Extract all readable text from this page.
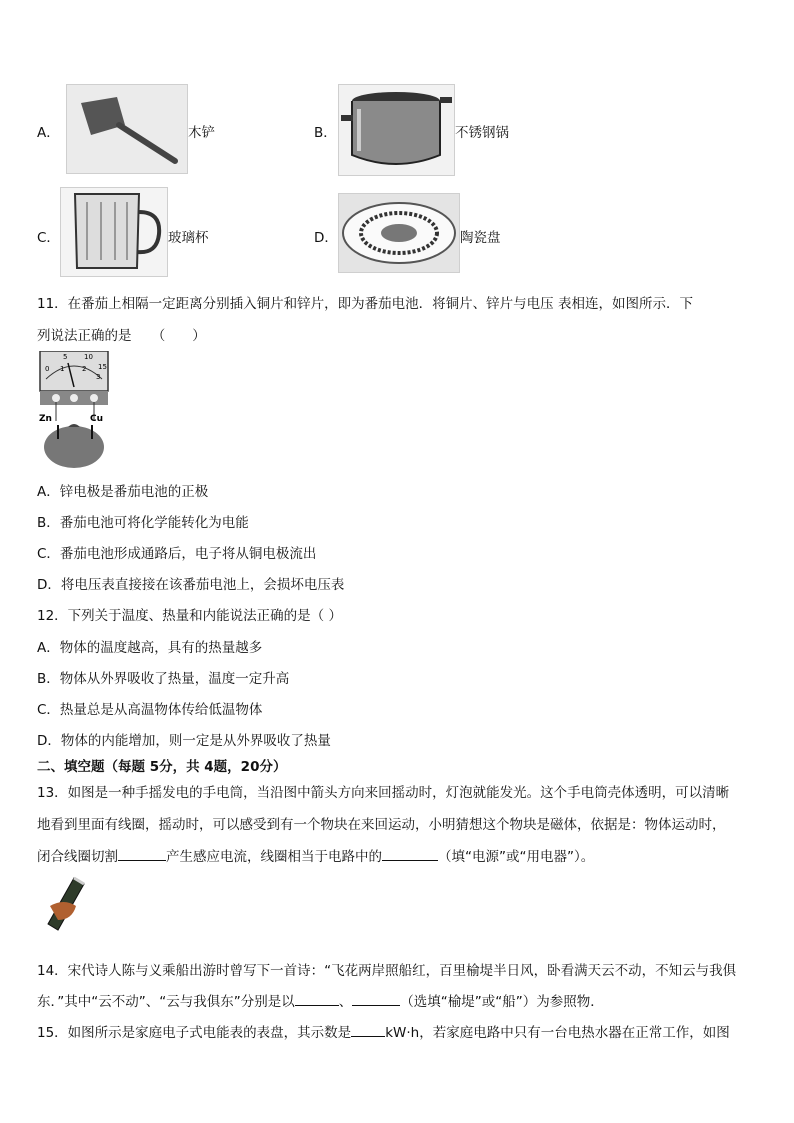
A．	木铲	B．	不锈钢锅
C．	玻璃杯	D．	陶瓷盘
11．在番茄上相隔一定距离分别插入铜片和锌片，即为番茄电池．将铜片、锌片与电压 表相连，如图所示．下
列说法正确的是　　（　　）
0
5 10
15
1	2
3
Zn	Cu
A．锌电极是番茄电池的正极
B．番茄电池可将化学能转化为电能
C．番茄电池形成通路后，电子将从铜电极流出
D．将电压表直接接在该番茄电池上，会损坏电压表
12．下列关于温度、热量和内能说法正确的是（ ）
A．物体的温度越高，具有的热量越多
B．物体从外界吸收了热量，温度一定升高
C．热量总是从高温物体传给低温物体
D．物体的内能增加，则一定是从外界吸收了热量
二、填空题（每题 5分，共 4题，20分）
13．如图是一种手摇发电的手电筒，当沿图中箭头方向来回摇动时，灯泡就能发光。这个手电筒壳体透明，可以清晰
地看到里面有线圈，摇动时，可以感受到有一个物块在来回运动，小明猜想这个物块是磁体，依据是：物体运动时，
闭合线圈切割	产生感应电流，线圈相当于电路中的	（填“电源”或“用电器”）。
14．宋代诗人陈与义乘船出游时曾写下一首诗：“飞花两岸照船红，百里榆堤半日风，卧看满天云不动，不知云与我俱
东．”其中“云不动”、“云与我俱东”分别是以	、	（选填“榆堤”或“船”）为参照物．
15．如图所示是家庭电子式电能表的表盘，其示数是	kW·h，若家庭电路中只有一台电热水器在正常工作，如图
